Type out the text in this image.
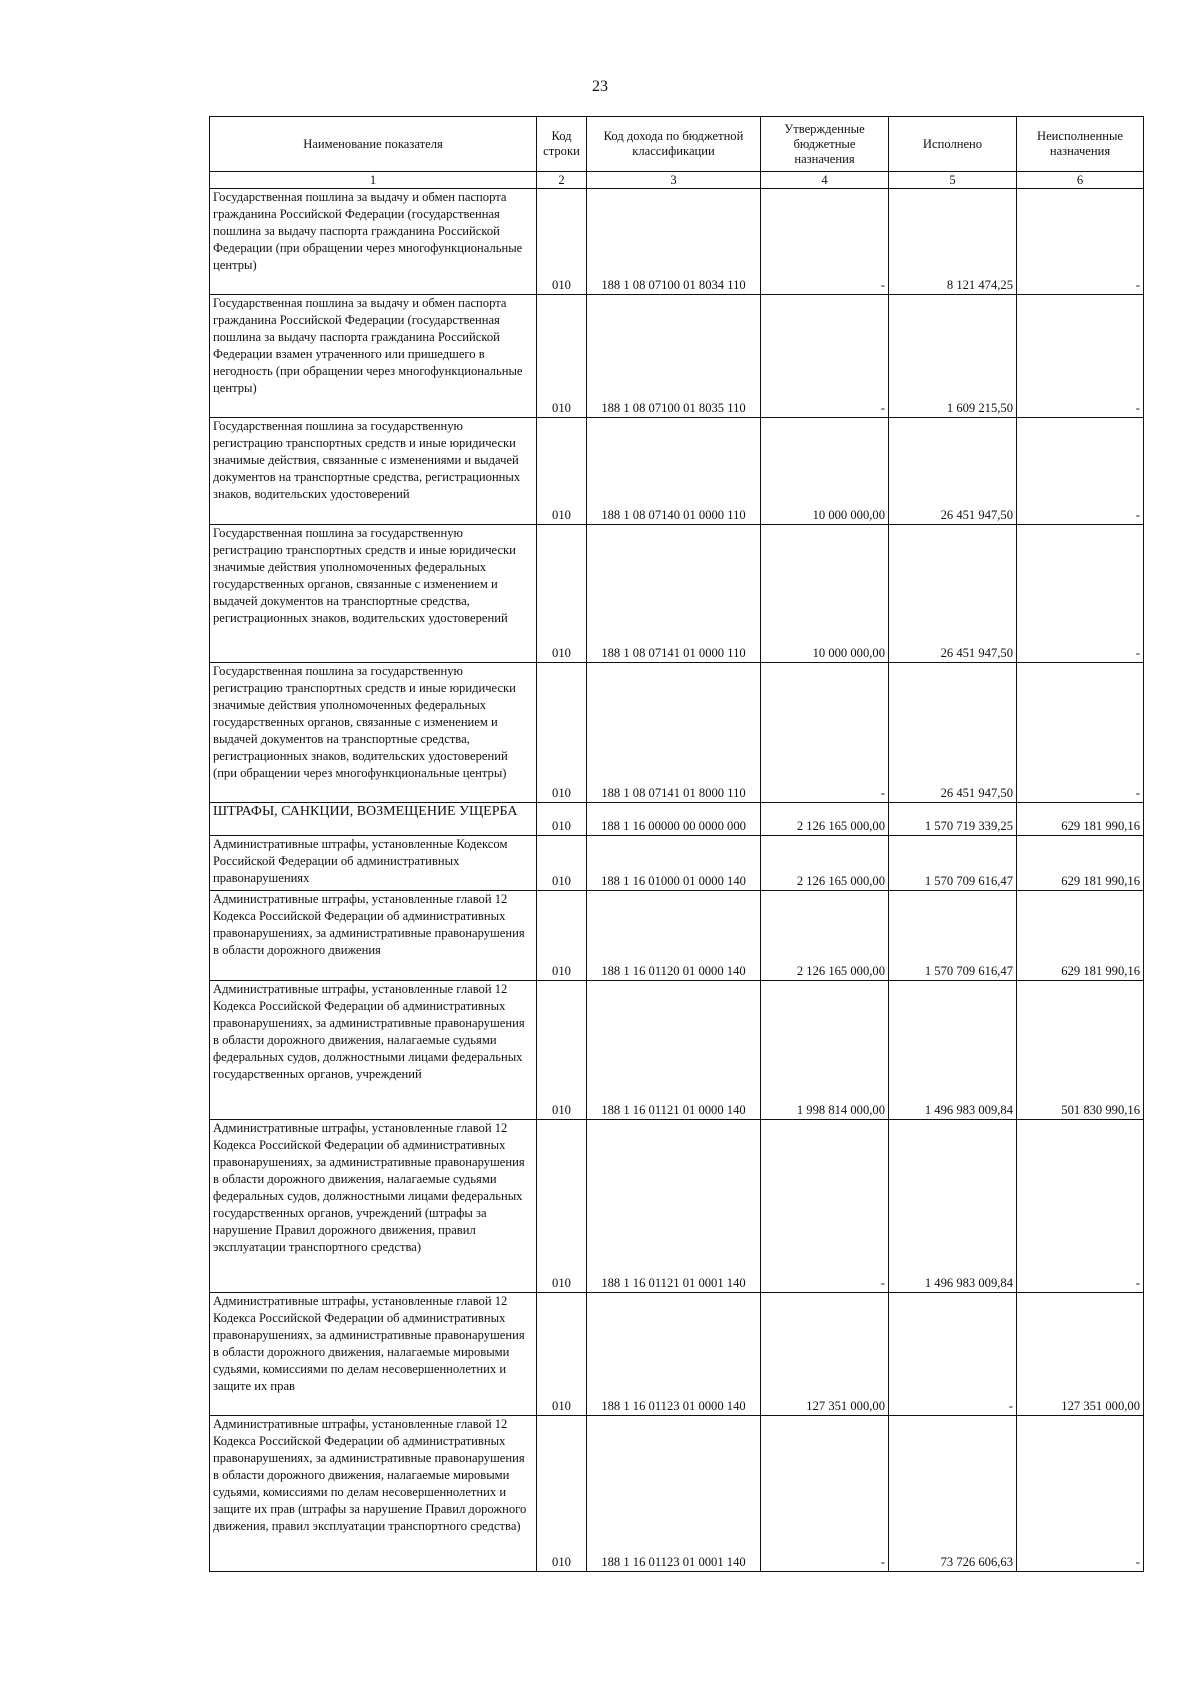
23
Наименование показателя	Код строки	Код дохода по бюджетной классификации	Утвержденные бюджетные назначения	Исполнено	Неисполненные назначения
1	2	3	4	5	6
Государственная пошлина за выдачу и обмен паспорта гражданина Российской Федерации (государственная пошлина за выдачу паспорта гражданина Российской Федерации (при обращении через многофункциональные центры)	010	188 1 08 07100 01 8034 110	-	8 121 474,25	-
Государственная пошлина за выдачу и обмен паспорта гражданина Российской Федерации (государственная пошлина за выдачу паспорта гражданина Российской Федерации взамен утраченного или пришедшего в негодность (при обращении через многофункциональные центры)	010	188 1 08 07100 01 8035 110	-	1 609 215,50	-
Государственная пошлина за государственную регистрацию транспортных средств и иные юридически значимые действия, связанные с изменениями и выдачей документов на транспортные средства, регистрационных знаков, водительских удостоверений	010	188 1 08 07140 01 0000 110	10 000 000,00	26 451 947,50	-
Государственная пошлина за государственную регистрацию транспортных средств и иные юридически значимые действия уполномоченных федеральных государственных органов, связанные с изменением и выдачей документов на транспортные средства, регистрационных знаков, водительских удостоверений	010	188 1 08 07141 01 0000 110	10 000 000,00	26 451 947,50	-
Государственная пошлина за государственную регистрацию транспортных средств и иные юридически значимые действия уполномоченных федеральных государственных органов, связанные с изменением и выдачей документов на транспортные средства, регистрационных знаков, водительских удостоверений (при обращении через многофункциональные центры)	010	188 1 08 07141 01 8000 110	-	26 451 947,50	-
ШТРАФЫ, САНКЦИИ, ВОЗМЕЩЕНИЕ УЩЕРБА	010	188 1 16 00000 00 0000 000	2 126 165 000,00	1 570 719 339,25	629 181 990,16
Административные штрафы, установленные Кодексом Российской Федерации об административных правонарушениях	010	188 1 16 01000 01 0000 140	2 126 165 000,00	1 570 709 616,47	629 181 990,16
Административные штрафы, установленные главой 12 Кодекса Российской Федерации об административных правонарушениях, за административные правонарушения в области дорожного движения	010	188 1 16 01120 01 0000 140	2 126 165 000,00	1 570 709 616,47	629 181 990,16
Административные штрафы, установленные главой 12 Кодекса Российской Федерации об административных правонарушениях, за административные правонарушения в области дорожного движения, налагаемые судьями федеральных судов, должностными лицами федеральных государственных органов, учреждений	010	188 1 16 01121 01 0000 140	1 998 814 000,00	1 496 983 009,84	501 830 990,16
Административные штрафы, установленные главой 12 Кодекса Российской Федерации об административных правонарушениях, за административные правонарушения в области дорожного движения, налагаемые судьями федеральных судов, должностными лицами федеральных государственных органов, учреждений (штрафы за нарушение Правил дорожного движения, правил эксплуатации транспортного средства)	010	188 1 16 01121 01 0001 140	-	1 496 983 009,84	-
Административные штрафы, установленные главой 12 Кодекса Российской Федерации об административных правонарушениях, за административные правонарушения в области дорожного движения, налагаемые мировыми судьями, комиссиями по делам несовершеннолетних и защите их прав	010	188 1 16 01123 01 0000 140	127 351 000,00	-	127 351 000,00
Административные штрафы, установленные главой 12 Кодекса Российской Федерации об административных правонарушениях, за административные правонарушения в области дорожного движения, налагаемые мировыми судьями, комиссиями по делам несовершеннолетних и защите их прав (штрафы за нарушение Правил дорожного движения, правил эксплуатации транспортного средства)	010	188 1 16 01123 01 0001 140	-	73 726 606,63	-
